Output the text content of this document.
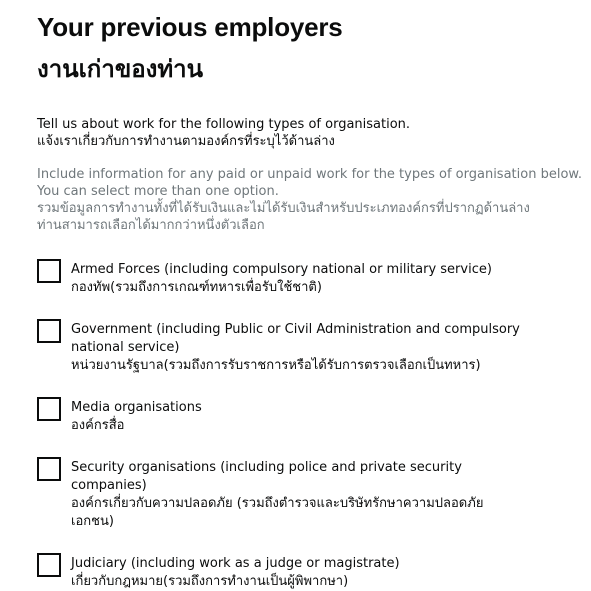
Your previous employers
งานเก่าของท่าน
Tell us about work for the following types of organisation.
แจ้งเราเกี่ยวกับการทำงานตามองค์กรที่ระบุไว้ด้านล่าง
Include information for any paid or unpaid work for the types of organisation below.
You can select more than one option.
รวมข้อมูลการทำงานทั้งที่ได้รับเงินและไม่ได้รับเงินสำหรับประเภทองค์กรที่ปรากฏด้านล่าง
ท่านสามารถเลือกได้มากกว่าหนึ่งตัวเลือก
Armed Forces (including compulsory national or military service)
กองทัพ(รวมถึงการเกณฑ์ทหารเพื่อรับใช้ชาติ)
Government (including Public or Civil Administration and compulsory national service)
หน่วยงานรัฐบาล(รวมถึงการรับราชการหรือได้รับการตรวจเลือกเป็นทหาร)
Media organisations
องค์กรสื่อ
Security organisations (including police and private security companies)
องค์กรเกี่ยวกับความปลอดภัย (รวมถึงตำรวจและบริษัทรักษาความปลอดภัยเอกชน)
Judiciary (including work as a judge or magistrate)
เกี่ยวกับกฎหมาย(รวมถึงการทำงานเป็นผู้พิพากษา)
